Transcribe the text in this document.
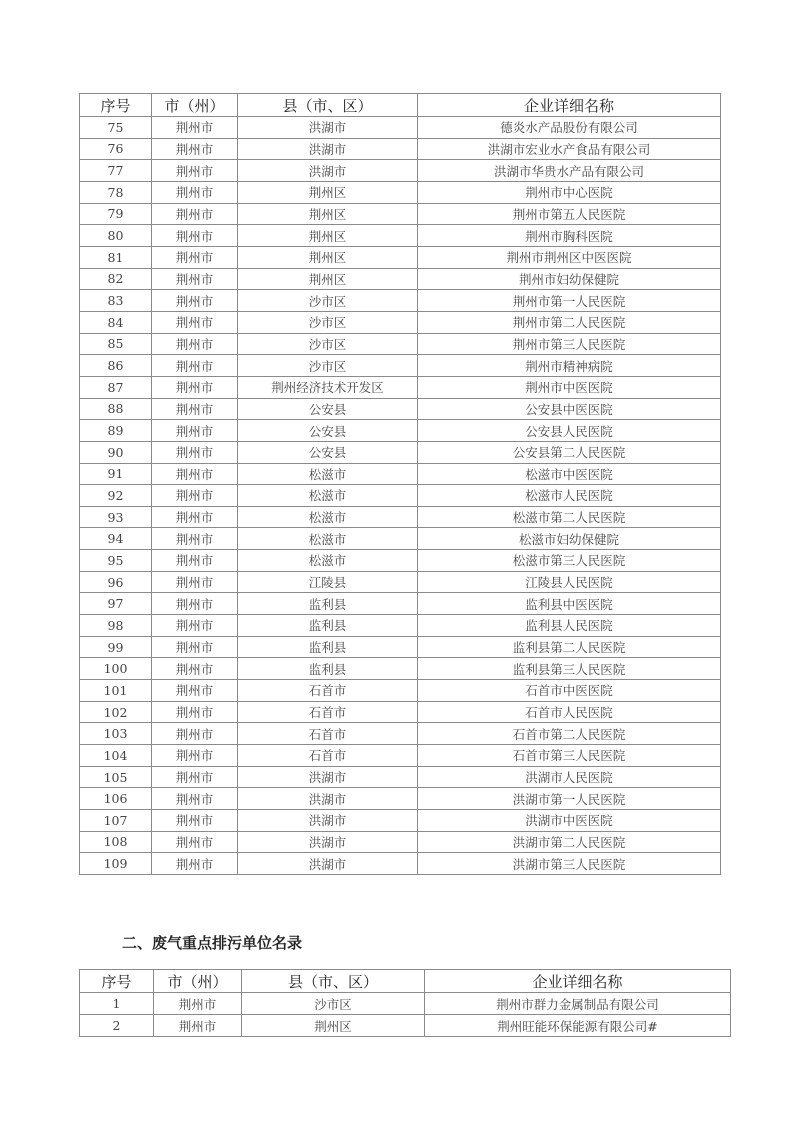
序号	市（州）	县（市、区）	企业详细名称
75	荆州市	洪湖市	德炎水产品股份有限公司
76	荆州市	洪湖市	洪湖市宏业水产食品有限公司
77	荆州市	洪湖市	洪湖市华贵水产品有限公司
78	荆州市	荆州区	荆州市中心医院
79	荆州市	荆州区	荆州市第五人民医院
80	荆州市	荆州区	荆州市胸科医院
81	荆州市	荆州区	荆州市荆州区中医医院
82	荆州市	荆州区	荆州市妇幼保健院
83	荆州市	沙市区	荆州市第一人民医院
84	荆州市	沙市区	荆州市第二人民医院
85	荆州市	沙市区	荆州市第三人民医院
86	荆州市	沙市区	荆州市精神病院
87	荆州市	荆州经济技术开发区	荆州市中医医院
88	荆州市	公安县	公安县中医医院
89	荆州市	公安县	公安县人民医院
90	荆州市	公安县	公安县第二人民医院
91	荆州市	松滋市	松滋市中医医院
92	荆州市	松滋市	松滋市人民医院
93	荆州市	松滋市	松滋市第二人民医院
94	荆州市	松滋市	松滋市妇幼保健院
95	荆州市	松滋市	松滋市第三人民医院
96	荆州市	江陵县	江陵县人民医院
97	荆州市	监利县	监利县中医医院
98	荆州市	监利县	监利县人民医院
99	荆州市	监利县	监利县第二人民医院
100	荆州市	监利县	监利县第三人民医院
101	荆州市	石首市	石首市中医医院
102	荆州市	石首市	石首市人民医院
103	荆州市	石首市	石首市第二人民医院
104	荆州市	石首市	石首市第三人民医院
105	荆州市	洪湖市	洪湖市人民医院
106	荆州市	洪湖市	洪湖市第一人民医院
107	荆州市	洪湖市	洪湖市中医医院
108	荆州市	洪湖市	洪湖市第二人民医院
109	荆州市	洪湖市	洪湖市第三人民医院
二、废气重点排污单位名录
序号	市（州）	县（市、区）	企业详细名称
1	荆州市	沙市区	荆州市群力金属制品有限公司
2	荆州市	荆州区	荆州旺能环保能源有限公司#
